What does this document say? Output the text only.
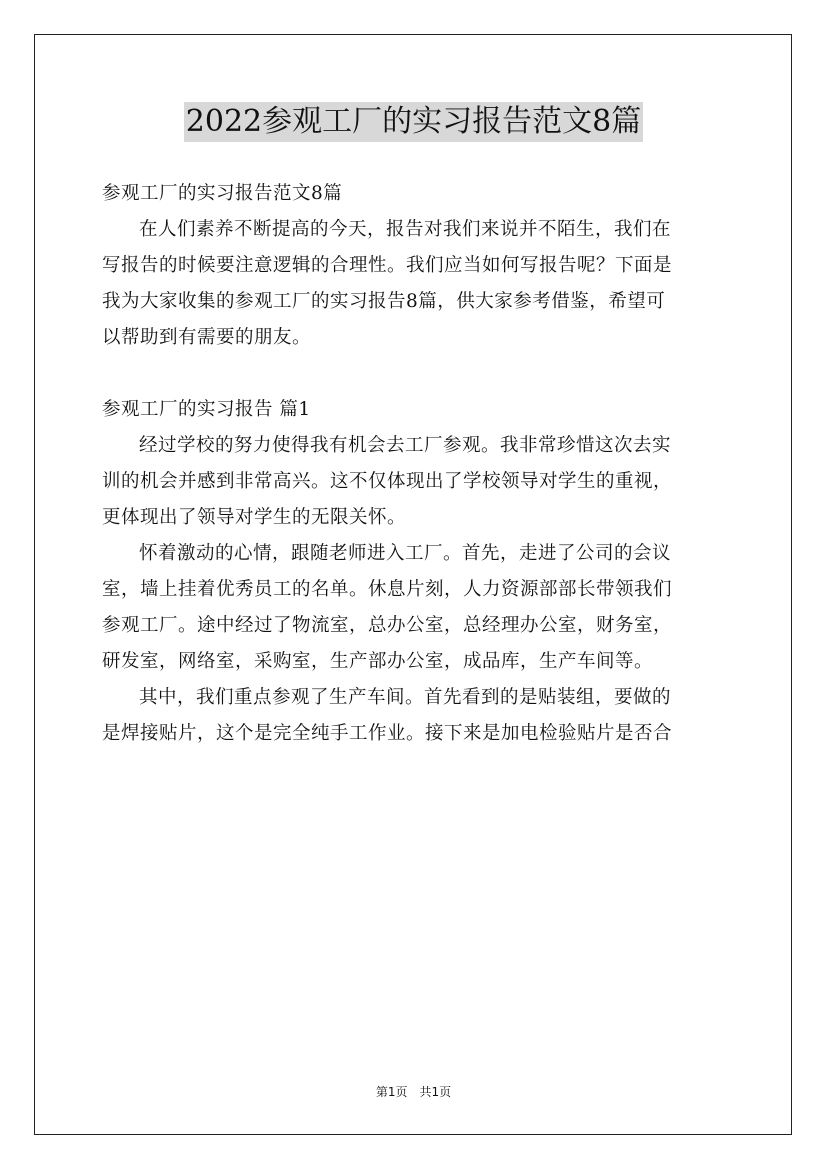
2022参观工厂的实习报告范文8篇
参观工厂的实习报告范文8篇
在人们素养不断提高的今天，报告对我们来说并不陌生，我们在
写报告的时候要注意逻辑的合理性。我们应当如何写报告呢？下面是
我为大家收集的参观工厂的实习报告8篇，供大家参考借鉴，希望可
以帮助到有需要的朋友。
参观工厂的实习报告 篇1
经过学校的努力使得我有机会去工厂参观。我非常珍惜这次去实
训的机会并感到非常高兴。这不仅体现出了学校领导对学生的重视，
更体现出了领导对学生的无限关怀。
怀着激动的心情，跟随老师进入工厂。首先，走进了公司的会议
室，墙上挂着优秀员工的名单。休息片刻，人力资源部部长带领我们
参观工厂。途中经过了物流室，总办公室，总经理办公室，财务室，
研发室，网络室，采购室，生产部办公室，成品库，生产车间等。
其中，我们重点参观了生产车间。首先看到的是贴装组，要做的
是焊接贴片，这个是完全纯手工作业。接下来是加电检验贴片是否合
第1页　共1页
